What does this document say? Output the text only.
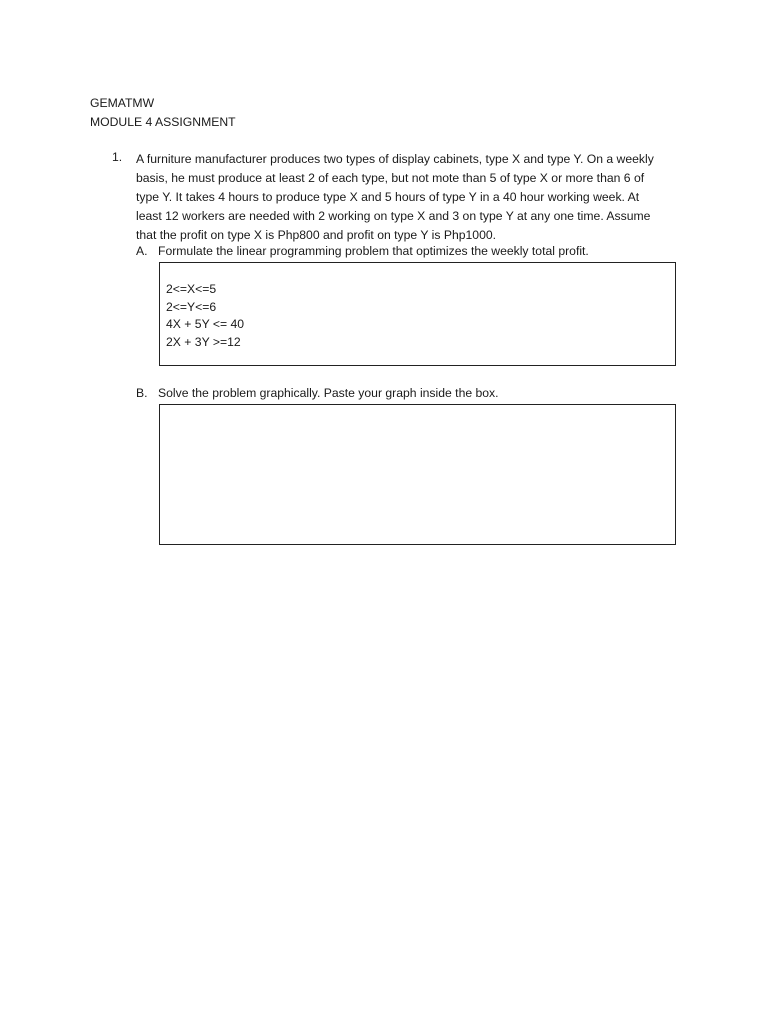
GEMATMW
MODULE 4 ASSIGNMENT
1. A furniture manufacturer produces two types of display cabinets, type X and type Y. On a weekly
basis, he must produce at least 2 of each type, but not mote than 5 of type X or more than 6 of
type Y. It takes 4 hours to produce type X and 5 hours of type Y in a 40 hour working week. At
least 12 workers are needed with 2 working on type X and 3 on type Y at any one time. Assume
that the profit on type X is Php800 and profit on type Y is Php1000.
A. Formulate the linear programming problem that optimizes the weekly total profit.
2<=X<=5
2<=Y<=6
4X + 5Y <= 40
2X + 3Y >=12
B. Solve the problem graphically. Paste your graph inside the box.
